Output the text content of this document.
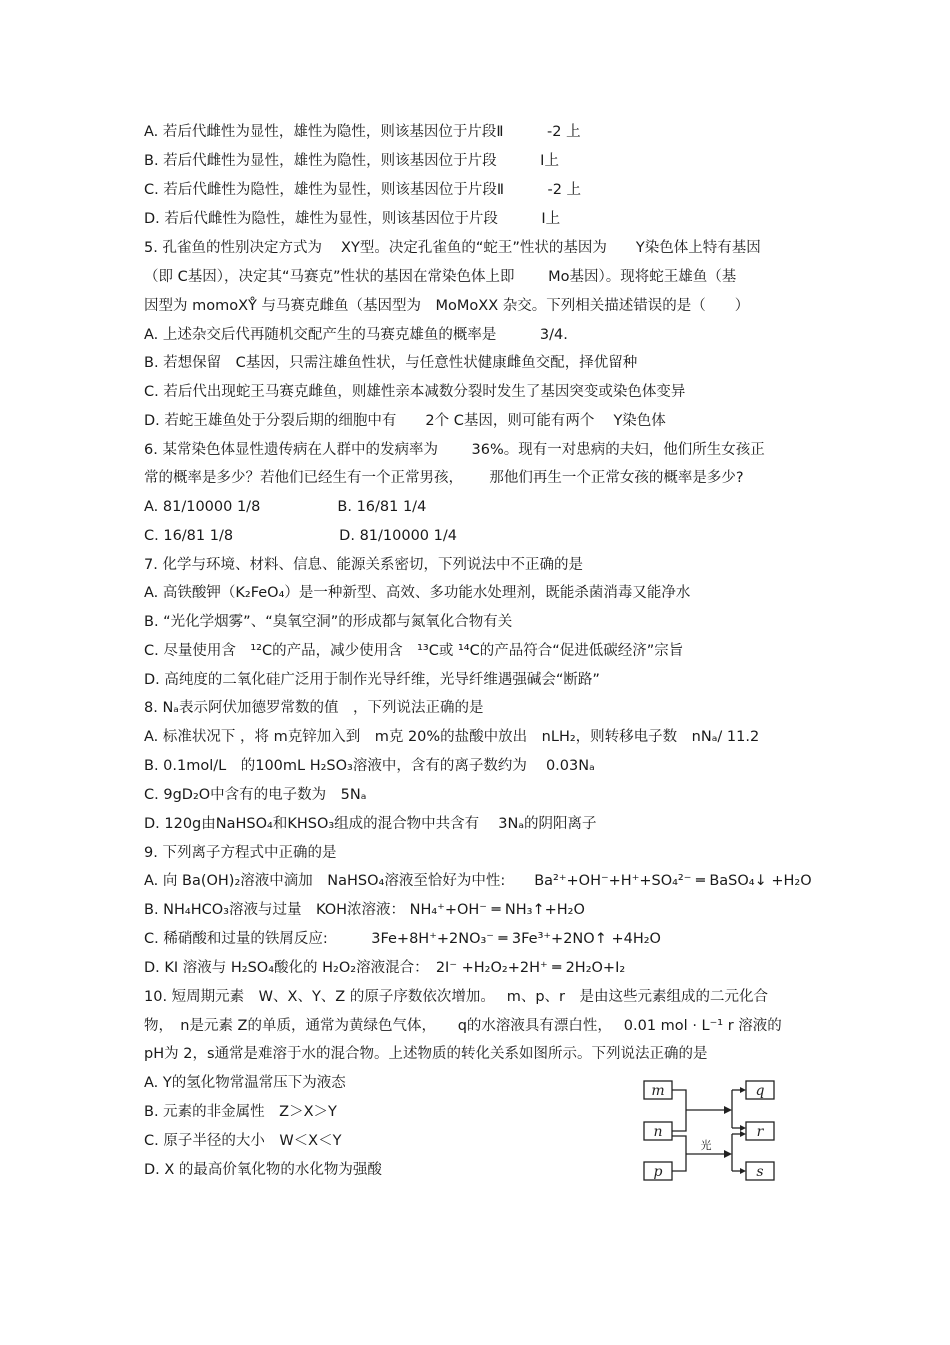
A. 若后代雌性为显性，雄性为隐性，则该基因位于片段Ⅱ　　　-2 上
B. 若后代雌性为显性，雄性为隐性，则该基因位于片段　　　Ⅰ上
C. 若后代雌性为隐性，雄性为显性，则该基因位于片段Ⅱ　　　-2 上
D. 若后代雌性为隐性，雄性为显性，则该基因位于片段　　　Ⅰ上
5. 孔雀鱼的性别决定方式为　 XY型。决定孔雀鱼的“蛇王”性状的基因为　　Y染色体上特有基因
（即 C基因），决定其“马赛克”性状的基因在常染色体上即　　 Mo基因）。现将蛇王雄鱼（基
因型为 momoXY̊ 与马赛克雌鱼（基因型为　MoMoXX 杂交。下列相关描述错误的是（　　）
A. 上述杂交后代再随机交配产生的马赛克雄鱼的概率是　　　3/4.
B. 若想保留　C基因，只需注雄鱼性状，与任意性状健康雌鱼交配，择优留种
C. 若后代出现蛇王马赛克雌鱼，则雄性亲本减数分裂时发生了基因突变或染色体变异
D. 若蛇王雄鱼处于分裂后期的细胞中有　　2个 C基因，则可能有两个　 Y染色体
6. 某常染色体显性遗传病在人群中的发病率为　　 36%。现有一对患病的夫妇，他们所生女孩正
常的概率是多少？若他们已经生有一个正常男孩，　　 那他们再生一个正常女孩的概率是多少?
A. 81/10000 1/8　　　　　 B. 16/81 1/4
C. 16/81 1/8　　　　　　　 D. 81/10000 1/4
7. 化学与环境、材料、信息、能源关系密切，下列说法中不正确的是
A. 高铁酸钾（K₂FeO₄）是一种新型、高效、多功能水处理剂，既能杀菌消毒又能净水
B. “光化学烟雾”、“臭氧空洞”的形成都与氮氧化合物有关
C. 尽量使用含　¹²C的产品，减少使用含　¹³C或 ¹⁴C的产品符合“促进低碳经济”宗旨
D. 高纯度的二氧化硅广泛用于制作光导纤维，光导纤维遇强碱会“断路”
8. Nₐ表示阿伏加德罗常数的值　，下列说法正确的是
A. 标准状况下 ，将 m克锌加入到　m克 20%的盐酸中放出　nLH₂，则转移电子数　nNₐ/ 11.2
B. 0.1mol/L　的100mL H₂SO₃溶液中，含有的离子数约为　 0.03Nₐ
C. 9gD₂O中含有的电子数为　5Nₐ
D. 120g由NaHSO₄和KHSO₃组成的混合物中共含有　 3Nₐ的阴阳离子
9. 下列离子方程式中正确的是
A. 向 Ba(OH)₂溶液中滴加　NaHSO₄溶液至恰好为中性:　　Ba²⁺+OH⁻+H⁺+SO₄²⁻ ═ BaSO₄↓ +H₂O
B. NH₄HCO₃溶液与过量　KOH浓溶液： NH₄⁺+OH⁻ ═ NH₃↑+H₂O
C. 稀硝酸和过量的铁屑反应:　　　3Fe+8H⁺+2NO₃⁻ ═ 3Fe³⁺+2NO↑ +4H₂O
D. KI 溶液与 H₂SO₄酸化的 H₂O₂溶液混合：　2I⁻ +H₂O₂+2H⁺ ═ 2H₂O+I₂
10. 短周期元素　W、X、Y、Z 的原子序数依次增加。　 m、p、r　是由这些元素组成的二元化合
物，　n是元素 Z的单质，通常为黄绿色气体，　　q的水溶液具有漂白性，　 0.01 mol · L⁻¹ r 溶液的
pH为 2，s通常是难溶于水的混合物。上述物质的转化关系如图所示。下列说法正确的是
A. Y的氢化物常温常压下为液态
B. 元素的非金属性　Z＞X＞Y
C. 原子半径的大小　W＜X＜Y
D. X 的最高价氧化物的水化物为强酸
m
n
p
q
r
s
光
